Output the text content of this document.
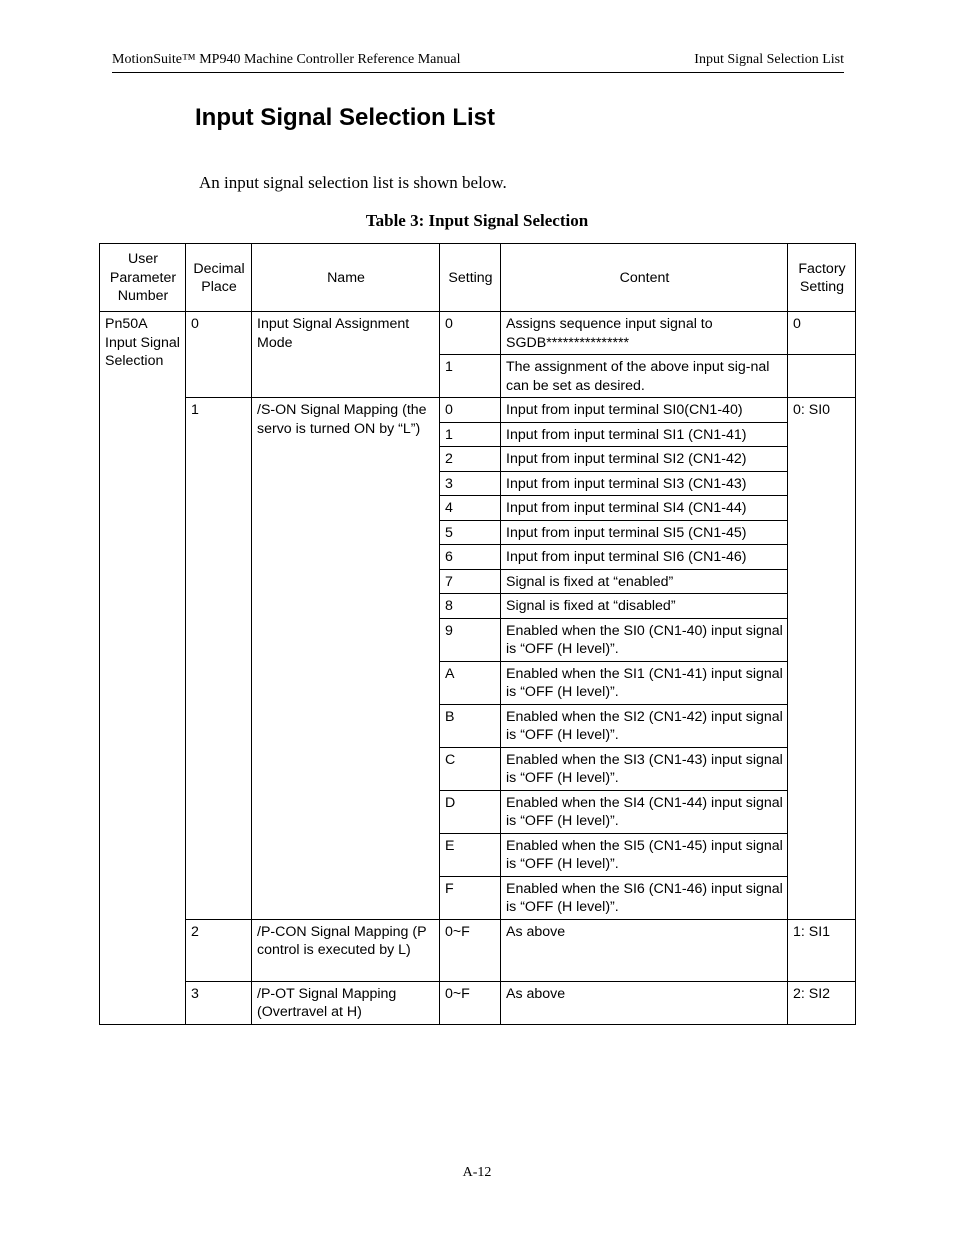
MotionSuite™ MP940 Machine Controller Reference Manual	Input Signal Selection List
Input Signal Selection List
An input signal selection list is shown below.
Table 3: Input Signal Selection
User Parameter Number	Decimal Place	Name	Setting	Content	Factory Setting
Pn50A Input Signal Selection	0	Input Signal Assignment Mode	0	Assigns sequence input signal to SGDB***************	0
			1	The assignment of the above input sig-nal can be set as desired.	
	1	/S-ON Signal Mapping (the servo is turned ON by “L”)	0	Input from input terminal SI0(CN1-40)	0: SI0
			1	Input from input terminal SI1 (CN1-41)	
			2	Input from input terminal SI2 (CN1-42)	
			3	Input from input terminal SI3 (CN1-43)	
			4	Input from input terminal SI4 (CN1-44)	
			5	Input from input terminal SI5 (CN1-45)	
			6	Input from input terminal SI6 (CN1-46)	
			7	Signal is fixed at “enabled”	
			8	Signal is fixed at “disabled”	
			9	Enabled when the SI0 (CN1-40) input signal is “OFF (H level)”.	
			A	Enabled when the SI1 (CN1-41) input signal is “OFF (H level)”.	
			B	Enabled when the SI2 (CN1-42) input signal is “OFF (H level)”.	
			C	Enabled when the SI3 (CN1-43) input signal is “OFF (H level)”.	
			D	Enabled when the SI4 (CN1-44) input signal is “OFF (H level)”.	
			E	Enabled when the SI5 (CN1-45) input signal is “OFF (H level)”.	
			F	Enabled when the SI6 (CN1-46) input signal is “OFF (H level)”.	
	2	/P-CON Signal Mapping (P control is executed by L)	0~F	As above	1: SI1
	3	/P-OT Signal Mapping (Overtravel at H)	0~F	As above	2: SI2
A-12
